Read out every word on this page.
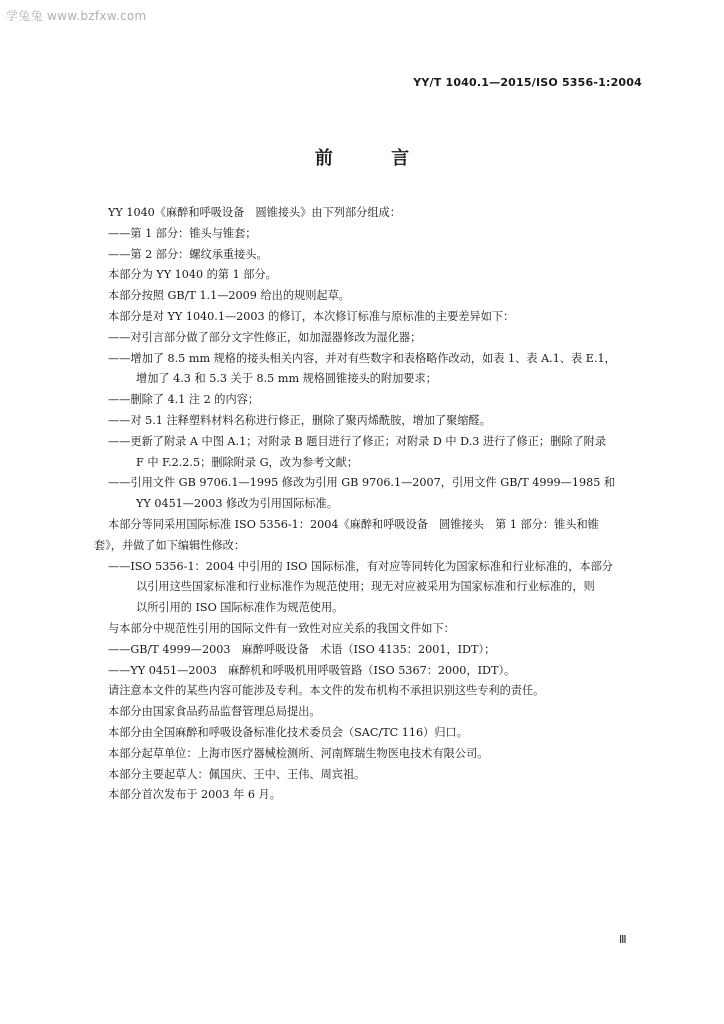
学兔兔 www.bzfxw.com
YY/T 1040.1—2015/ISO 5356-1:2004
前 言
YY 1040《麻醉和呼吸设备　圆锥接头》由下列部分组成：
——第 1 部分：锥头与锥套；
——第 2 部分：螺纹承重接头。
本部分为 YY 1040 的第 1 部分。
本部分按照 GB/T 1.1—2009 给出的规则起草。
本部分是对 YY 1040.1—2003 的修订，本次修订标准与原标准的主要差异如下：
——对引言部分做了部分文字性修正，如加湿器修改为湿化器；
——增加了 8.5 mm 规格的接头相关内容，并对有些数字和表格略作改动，如表 1、表 A.1、表 E.1，
增加了 4.3 和 5.3 关于 8.5 mm 规格圆锥接头的附加要求；
——删除了 4.1 注 2 的内容；
——对 5.1 注释塑料材料名称进行修正，删除了聚丙烯酰胺，增加了聚缩醛。
——更新了附录 A 中图 A.1；对附录 B 题目进行了修正；对附录 D 中 D.3 进行了修正；删除了附录
F 中 F.2.2.5；删除附录 G，改为参考文献；
——引用文件 GB 9706.1—1995 修改为引用 GB 9706.1—2007，引用文件 GB/T 4999—1985 和
YY 0451—2003 修改为引用国际标准。
本部分等同采用国际标准 ISO 5356-1：2004《麻醉和呼吸设备　圆锥接头　第 1 部分：锥头和锥
套》，并做了如下编辑性修改：
——ISO 5356-1：2004 中引用的 ISO 国际标准，有对应等同转化为国家标准和行业标准的，本部分
以引用这些国家标准和行业标准作为规范使用；现无对应被采用为国家标准和行业标准的，则
以所引用的 ISO 国际标准作为规范使用。
与本部分中规范性引用的国际文件有一致性对应关系的我国文件如下：
——GB/T 4999—2003　麻醉呼吸设备　术语（ISO 4135：2001，IDT）；
——YY 0451—2003　麻醉机和呼吸机用呼吸管路（ISO 5367：2000，IDT）。
请注意本文件的某些内容可能涉及专利。本文件的发布机构不承担识别这些专利的责任。
本部分由国家食品药品监督管理总局提出。
本部分由全国麻醉和呼吸设备标准化技术委员会（SAC/TC 116）归口。
本部分起草单位：上海市医疗器械检测所、河南辉瑞生物医电技术有限公司。
本部分主要起草人：佩国庆、王中、王伟、周宾祖。
本部分首次发布于 2003 年 6 月。
Ⅲ
